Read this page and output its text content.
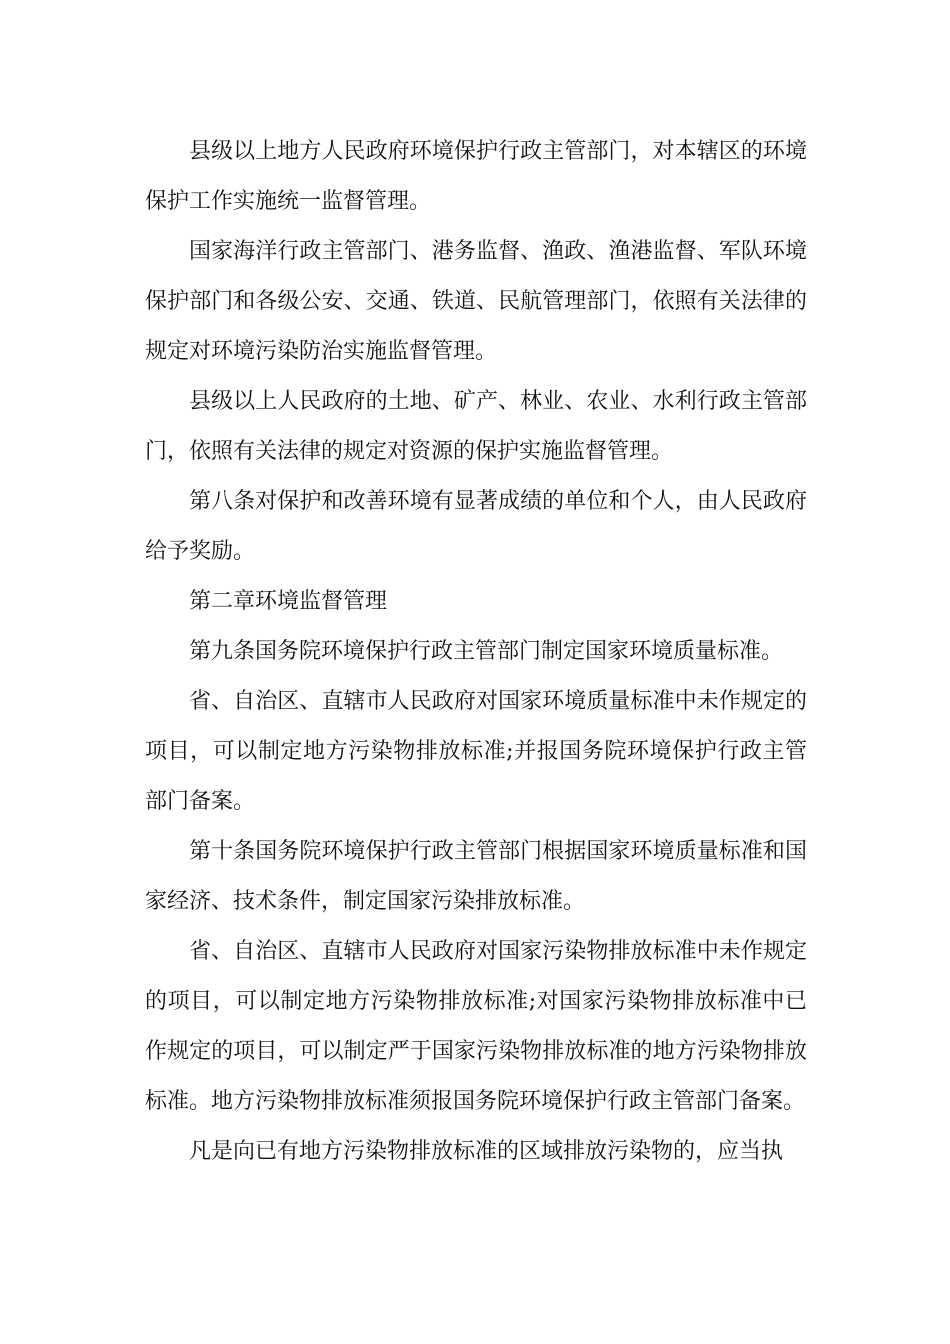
县级以上地方人民政府环境保护行政主管部门，对本辖区的环境保护工作实施统一监督管理。

国家海洋行政主管部门、港务监督、渔政、渔港监督、军队环境保护部门和各级公安、交通、铁道、民航管理部门，依照有关法律的规定对环境污染防治实施监督管理。

县级以上人民政府的土地、矿产、林业、农业、水利行政主管部门，依照有关法律的规定对资源的保护实施监督管理。

第八条对保护和改善环境有显著成绩的单位和个人，由人民政府给予奖励。

第二章环境监督管理

第九条国务院环境保护行政主管部门制定国家环境质量标准。

省、自治区、直辖市人民政府对国家环境质量标准中未作规定的项目，可以制定地方污染物排放标准;并报国务院环境保护行政主管部门备案。

第十条国务院环境保护行政主管部门根据国家环境质量标准和国家经济、技术条件，制定国家污染排放标准。

省、自治区、直辖市人民政府对国家污染物排放标准中未作规定的项目，可以制定地方污染物排放标准;对国家污染物排放标准中已作规定的项目，可以制定严于国家污染物排放标准的地方污染物排放标准。地方污染物排放标准须报国务院环境保护行政主管部门备案。

凡是向已有地方污染物排放标准的区域排放污染物的，应当执
